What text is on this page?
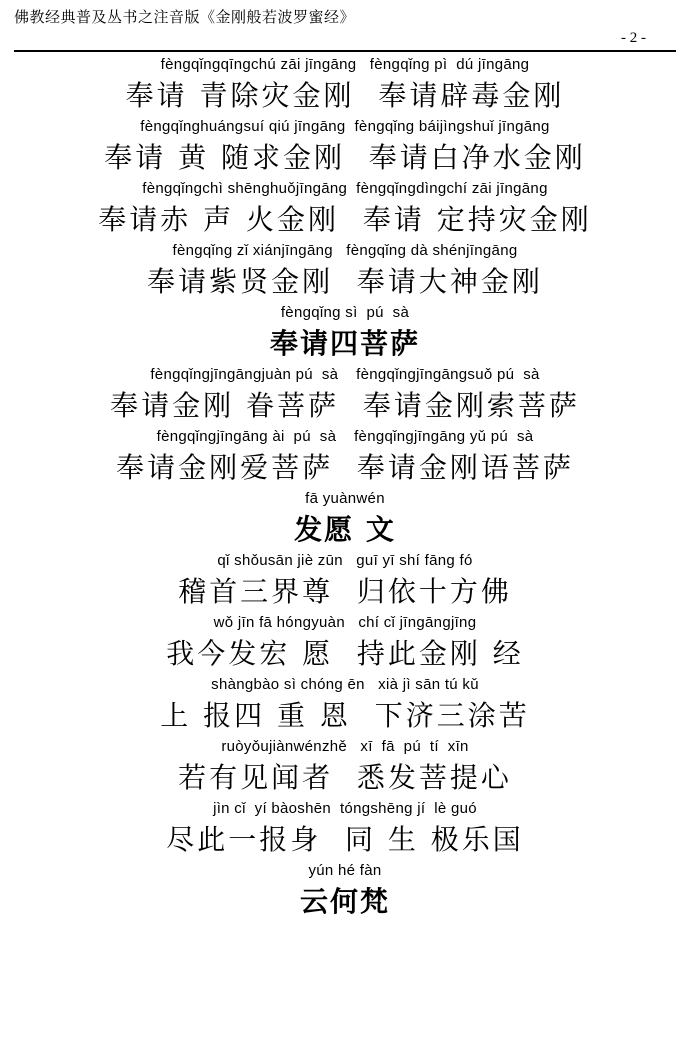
佛教经典普及丛书之注音版《金刚般若波罗蜜经》
- 2 -
fèngqǐngqīngchú zāi jīngāng   fèngqǐng pì  dú jīngāng
奉请 青除灾金刚  奉请辟毒金刚
fèngqǐnghuángsuí qiú jīngāng  fèngqǐng báijìngshuǐ jīngāng
奉请 黄 随求金刚  奉请白净水金刚
fèngqǐngchì shēnghuǒjīngāng  fèngqǐngdìngchí zāi jīngāng
奉请赤 声 火金刚  奉请 定持灾金刚
fèngqǐng zǐ xiánjīngāng   fèngqǐng dà shénjīngāng
奉请紫贤金刚  奉请大神金刚
fèngqǐng sì  pú  sà
奉请四菩萨
fèngqǐngjīngāngjuàn pú  sà    fèngqǐngjīngāngsuǒ pú  sà
奉请金刚 眷菩萨  奉请金刚索菩萨
fèngqǐngjīngāng ài  pú  sà    fèngqǐngjīngāng yǔ pú  sà
奉请金刚爱菩萨  奉请金刚语菩萨
fā yuànwén
发愿 文
qǐ shǒusān jiè zūn   guī yī shí fāng fó
稽首三界尊  归依十方佛
wǒ jīn fā hóngyuàn   chí cǐ jīngāngjīng
我今发宏 愿  持此金刚 经
shàngbào sì chóng ēn   xià jì sān tú kǔ
上 报四 重 恩  下济三涂苦
ruòyǒujiànwénzhě   xī  fā  pú  tí  xīn
若有见闻者  悉发菩提心
jìn cǐ  yí bàoshēn  tóngshēng jí  lè guó
尽此一报身  同 生 极乐国
yún hé fàn
云何梵
